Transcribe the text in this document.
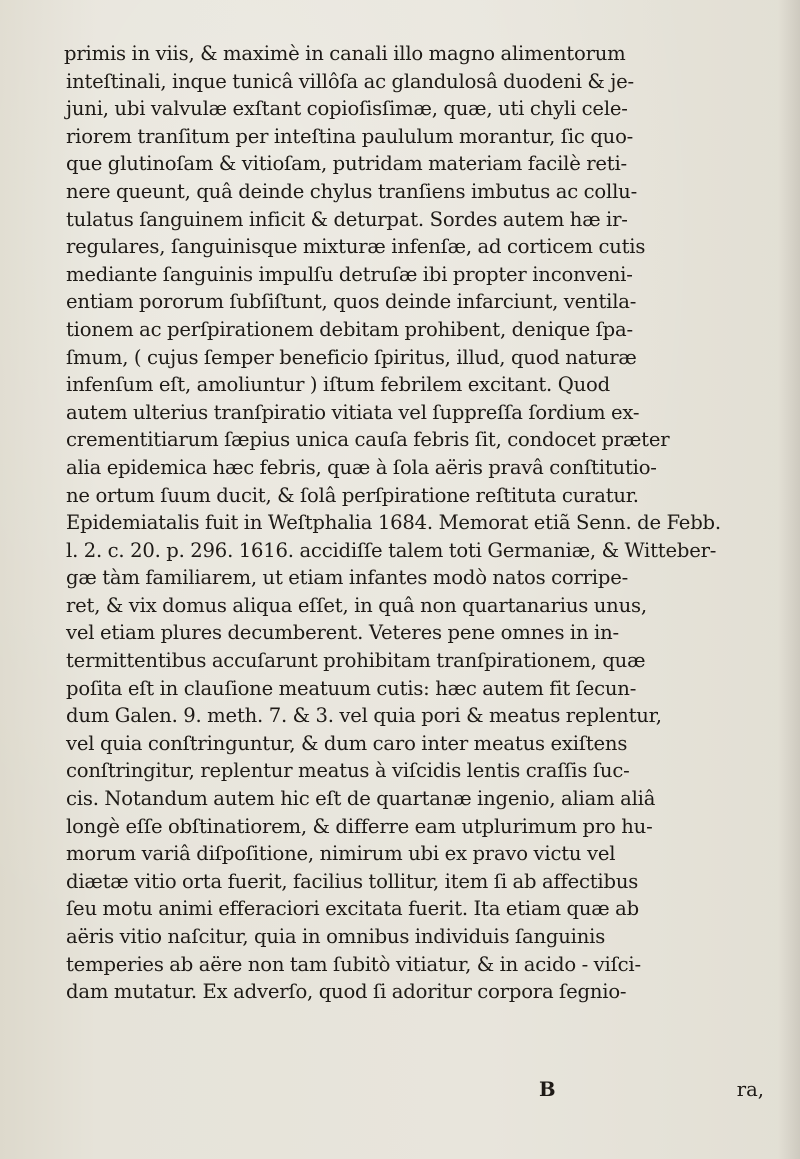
primis in viis, & maximè in canali illo magno alimentorum
inteſtinali, inque tunicâ villôſa ac glandulosâ duodeni & je-
juni, ubi valvulæ exſtant copioſisſimæ, quæ, uti chyli cele-
riorem tranſitum per inteſtina paululum morantur, ſic quo-
que glutinoſam & vitioſam, putridam materiam facilè reti-
nere queunt, quâ deinde chylus tranſiens imbutus ac collu-
tulatus ſanguinem inficit & deturpat. Sordes autem hæ ir-
regulares, ſanguinisque mixturæ infenſæ, ad corticem cutis
mediante ſanguinis impulſu detruſæ ibi propter inconveni-
entiam pororum ſubſiſtunt, quos deinde infarciunt, ventila-
tionem ac perſpirationem debitam prohibent, denique ſpa-
ſmum, ( cujus ſemper beneficio ſpiritus, illud, quod naturæ
infenſum eſt, amoliuntur ) iſtum febrilem excitant. Quod
autem ulterius tranſpiratio vitiata vel ſuppreſſa ſordium ex-
crementitiarum ſæpius unica cauſa febris ſit, condocet præter
alia epidemica hæc febris, quæ à ſola aëris pravâ conſtitutio-
ne ortum ſuum ducit, & ſolâ perſpiratione reſtituta curatur.
Epidemiatalis fuit in Weſtphalia 1684. Memorat etiã Senn. de Febb.
l. 2. c. 20. p. 296. 1616. accidiſſe talem toti Germaniæ, & Witteber-
gæ tàm familiarem, ut etiam infantes modò natos corripe-
ret, & vix domus aliqua eſſet, in quâ non quartanarius unus,
vel etiam plures decumberent. Veteres pene omnes in in-
termittentibus accuſarunt prohibitam tranſpirationem, quæ
poſita eſt in clauſione meatuum cutis: hæc autem fit ſecun-
dum Galen. 9. meth. 7. & 3. vel quia pori & meatus replentur,
vel quia conſtringuntur, & dum caro inter meatus exiſtens
conſtringitur, replentur meatus à viſcidis lentis craſſis ſuc-
cis. Notandum autem hic eſt de quartanæ ingenio, aliam aliâ
longè eſſe obſtinatiorem, & differre eam utplurimum pro hu-
morum variâ diſpoſitione, nimirum ubi ex pravo victu vel
diætæ vitio orta fuerit, facilius tollitur, item ſi ab affectibus
ſeu motu animi efferaciori excitata fuerit. Ita etiam quæ ab
aëris vitio naſcitur, quia in omnibus individuis ſanguinis
temperies ab aëre non tam ſubitò vitiatur, & in acido - viſci-
dam mutatur. Ex adverſo, quod ſi adoritur corpora ſegnio-
B	ra,
